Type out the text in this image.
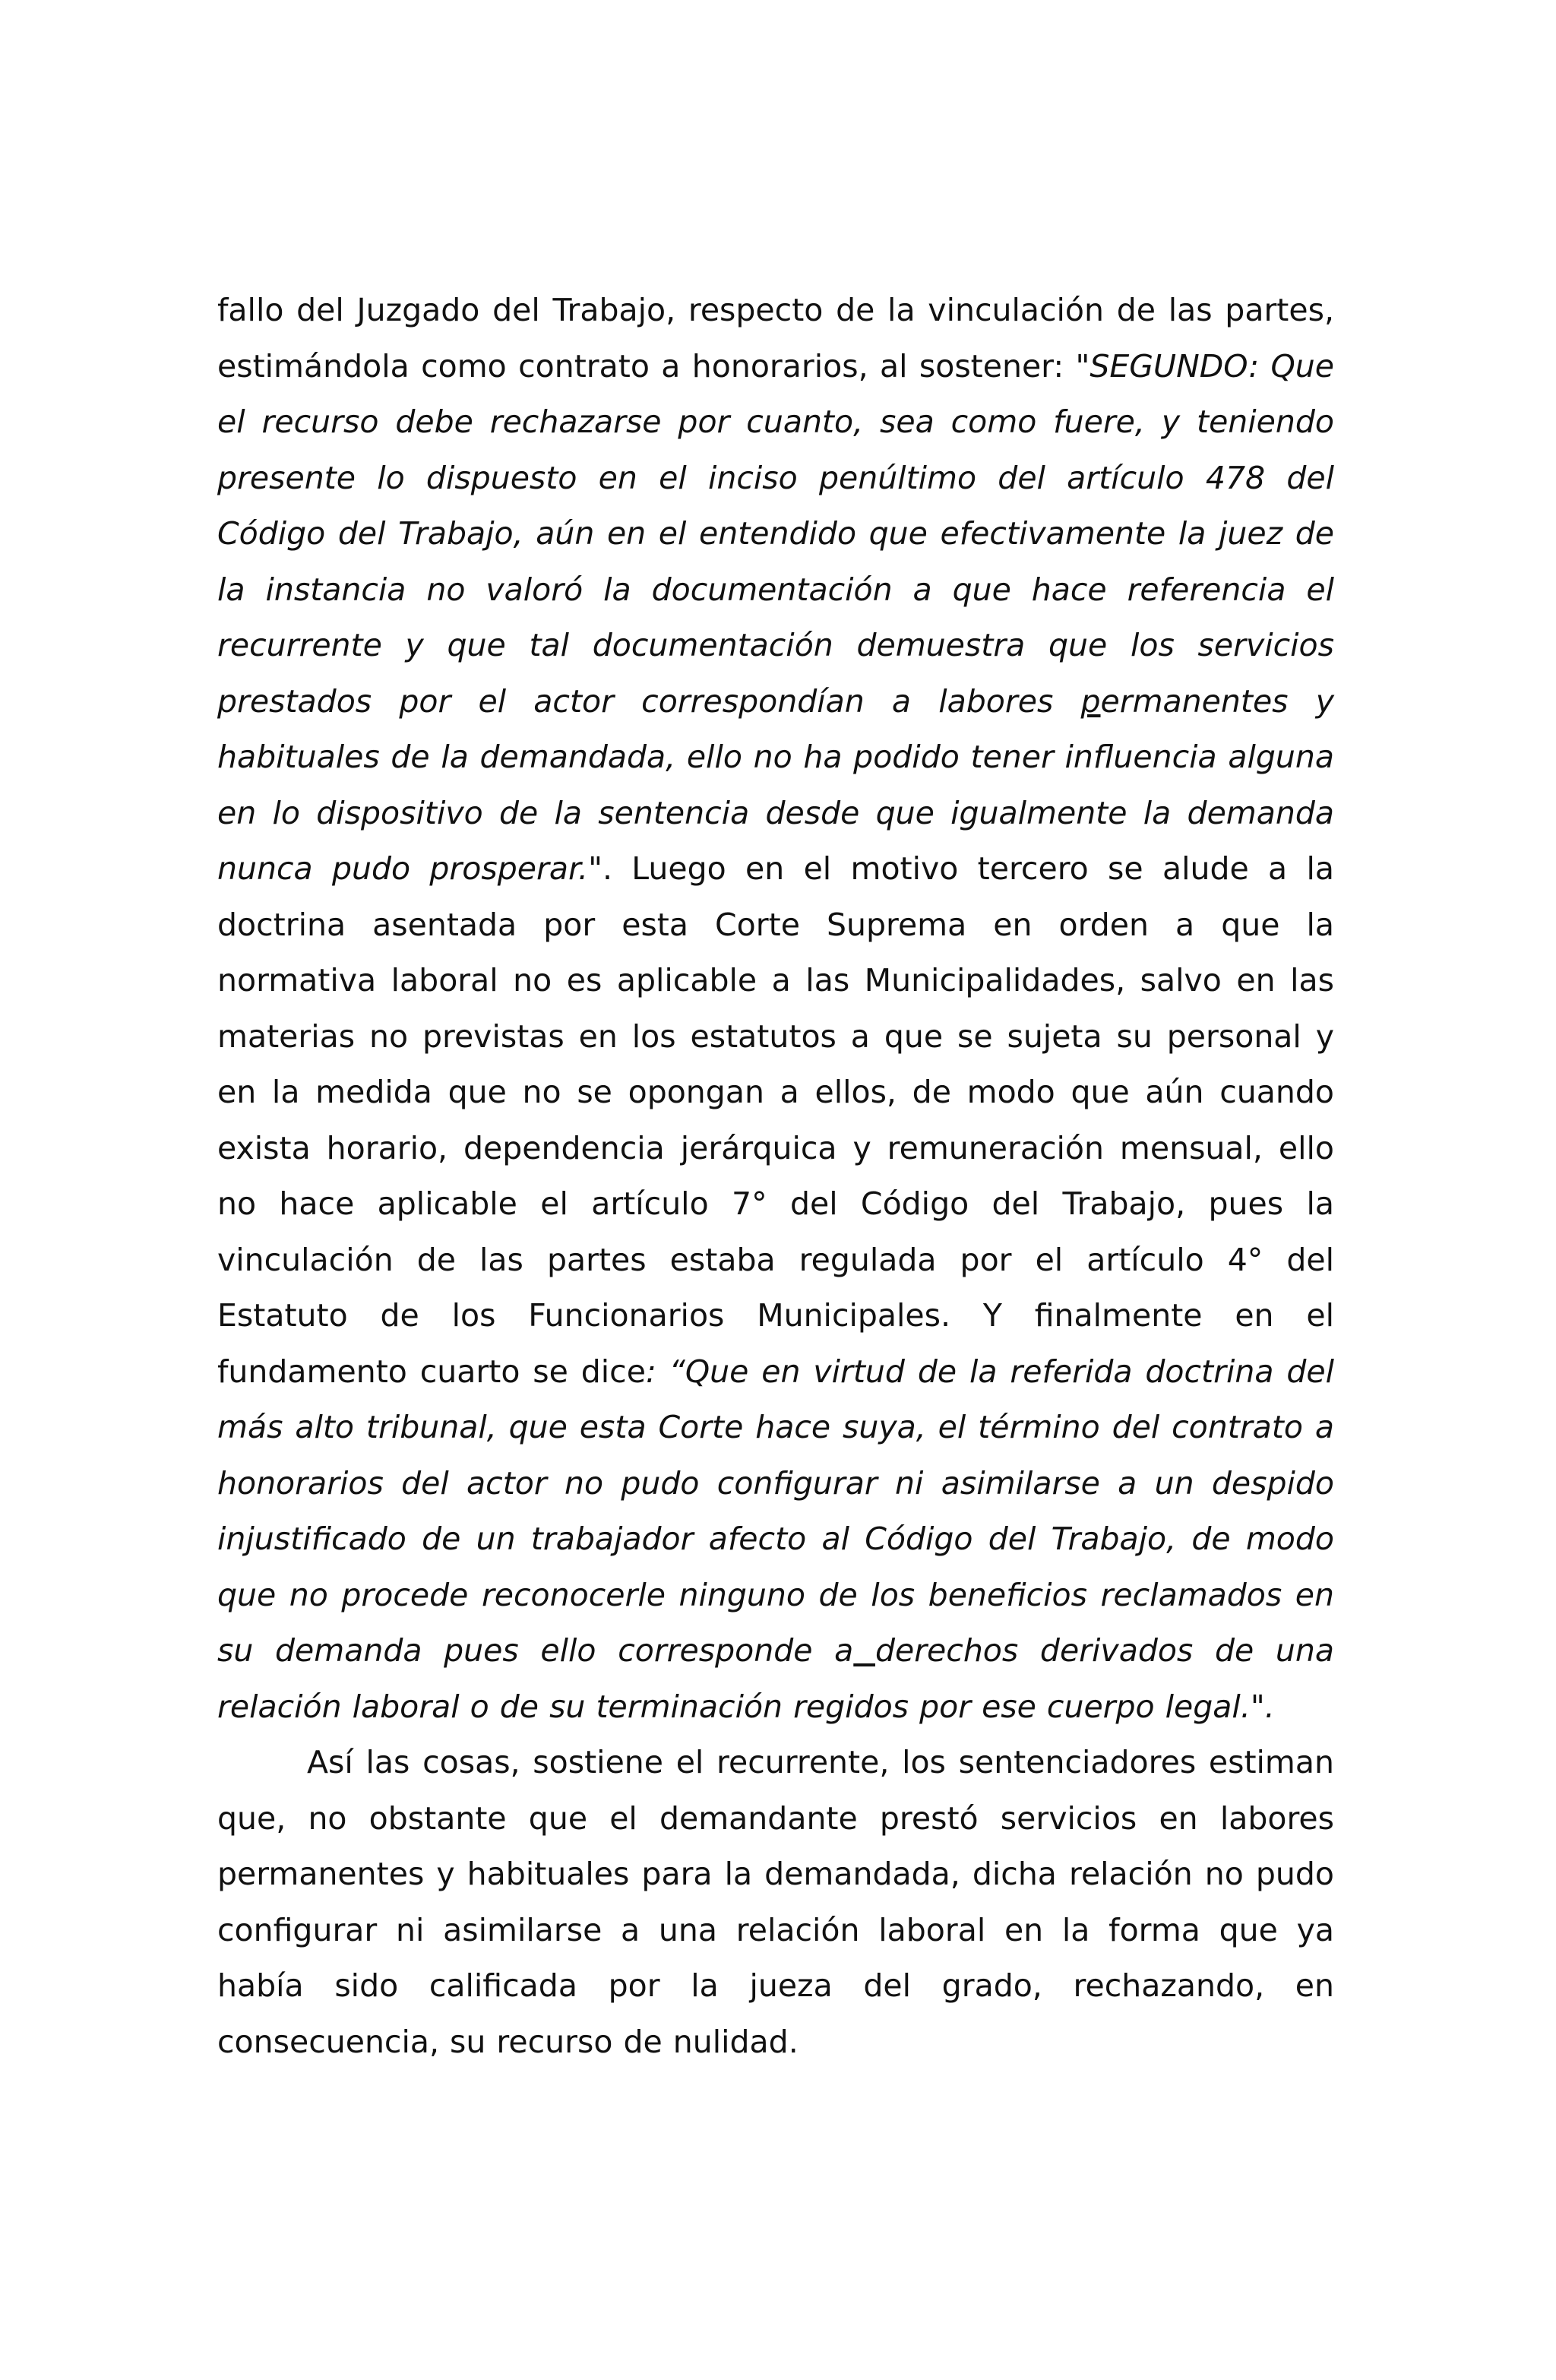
fallo del Juzgado del Trabajo, respecto de la vinculación de las partes, estimándola como contrato a honorarios, al sostener: "SEGUNDO: Que el recurso debe rechazarse por cuanto, sea como fuere, y teniendo presente lo dispuesto en el inciso penúltimo del artículo 478 del Código del Trabajo, aún en el entendido que efectivamente la juez de la instancia no valoró la documentación a que hace referencia el recurrente y que tal documentación demuestra que los servicios prestados por el actor correspondían a labores permanentes y habituales de la demandada, ello no ha podido tener influencia alguna en lo dispositivo de la sentencia desde que igualmente la demanda nunca pudo prosperar.". Luego en el motivo tercero se alude a la doctrina asentada por esta Corte Suprema en orden a que la normativa laboral no es aplicable a las Municipalidades, salvo en las materias no previstas en los estatutos a que se sujeta su personal y en la medida que no se opongan a ellos, de modo que aún cuando exista horario, dependencia jerárquica y remuneración mensual, ello no hace aplicable el artículo 7° del Código del Trabajo, pues la vinculación de las partes estaba regulada por el artículo 4° del Estatuto de los Funcionarios Municipales. Y finalmente en el fundamento cuarto se dice: “Que en virtud de la referida doctrina del más alto tribunal, que esta Corte hace suya, el término del contrato a honorarios del actor no pudo configurar ni asimilarse a un despido injustificado de un trabajador afecto al Código del Trabajo, de modo que no procede reconocerle ninguno de los beneficios reclamados en su demanda pues ello corresponde a derechos derivados de una relación laboral o de su terminación regidos por ese cuerpo legal.".

Así las cosas, sostiene el recurrente, los sentenciadores estiman que, no obstante que el demandante prestó servicios en labores permanentes y habituales para la demandada, dicha relación no pudo configurar ni asimilarse a una relación laboral en la forma que ya había sido calificada por la jueza del grado, rechazando, en consecuencia, su recurso de nulidad.
